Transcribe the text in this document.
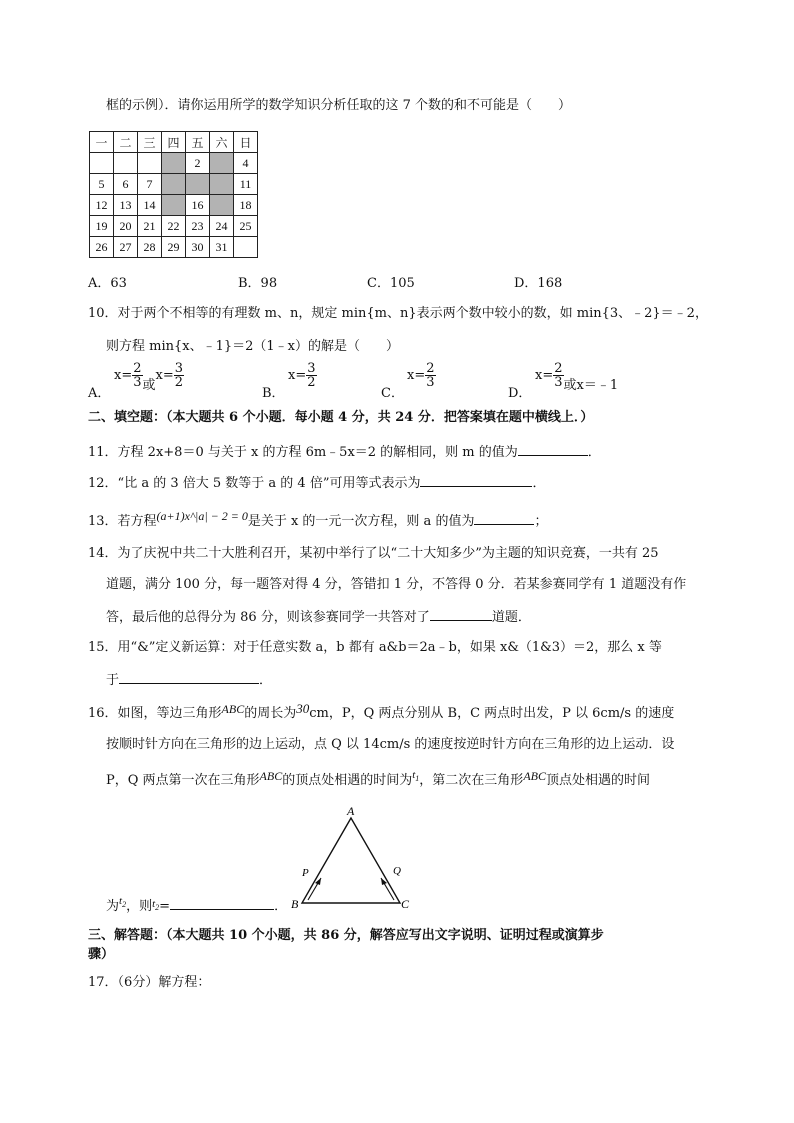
框的示例）．请你运用所学的数学知识分析任取的这 7 个数的和不可能是（　　）
一	二	三	四	五	六	日
				2		4
5	6	7				11
12	13	14		16		18
19	20	21	22	23	24	25
26	27	28	29	30	31	
A．63	B．98	C．105	D．168
10．对于两个不相等的有理数 m、n，规定 min{m、n}表示两个数中较小的数，如 min{3、﹣2}＝﹣2，
则方程 min{x、﹣1}＝2（1﹣x）的解是（　　）
A．
$x= \frac{2}{3}$ 或$x= \frac{3}{2}$
B．
$x= \frac{3}{2}$
C．
$x= \frac{2}{3}$
D．
$x= \frac{2}{3}$ 或x＝﹣1
二、填空题：（本大题共 6 个小题．每小题 4 分，共 24 分．把答案填在题中横线上．）
11．方程 2x+8＝0 与关于 x 的方程 6m﹣5x＝2 的解相同，则 m 的值为	．
12．“比 a 的 3 倍大 5 数等于 a 的 4 倍”可用等式表示为	．
13．若方程(a+1)x^|a| − 2 = 0是关于 x 的一元一次方程，则 a 的值为	；
14．为了庆祝中共二十大胜利召开，某初中举行了以“二十大知多少”为主题的知识竞赛，一共有 25
道题，满分 100 分，每一题答对得 4 分，答错扣 1 分，不答得 0 分．若某参赛同学有 1 道题没有作
答，最后他的总得分为 86 分，则该参赛同学一共答对了	道题．
15．用“&”定义新运算：对于任意实数 a，b 都有 a&b＝2a﹣b，如果 x&（1&3）＝2，那么 x 等
于	．
16．如图，等边三角形ABC的周长为30cm，P，Q 两点分别从 B，C 两点时出发，P 以 6cm/s 的速度
按顺时针方向在三角形的边上运动，点 Q 以 14cm/s 的速度按逆时针方向在三角形的边上运动．设
P，Q 两点第一次在三角形ABC的顶点处相遇的时间为$^{t1}$，第二次在三角形ABC顶点处相遇的时间
A
B	C
P	Q
为$^{t2}$，则$^t$2=	．
三、解答题：（本大题共 10 个小题，共 86 分，解答应写出文字说明、证明过程或演算步
骤）
17．（6分）解方程：
